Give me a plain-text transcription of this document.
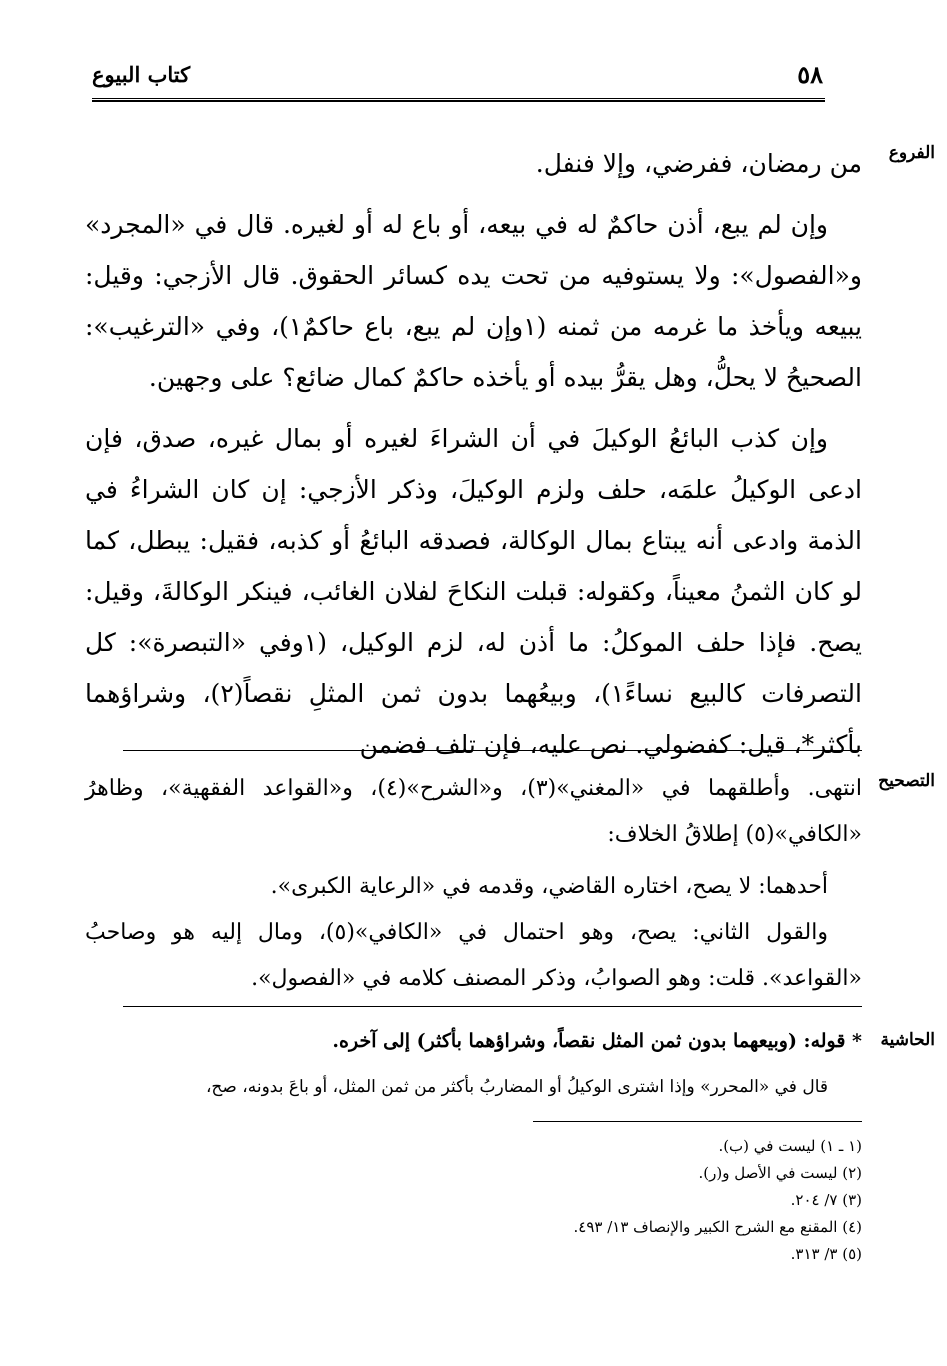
٥٨
كتاب البيوع
الفروع

من رمضان، ففرضي، وإلا فنفل.

وإن لم يبع، أذن حاكمٌ له في بيعه، أو باع له أو لغيره. قال في «المجرد» و«الفصول»: ولا يستوفيه من تحت يده كسائر الحقوق. قال الأزجي: وقيل: يبيعه ويأخذ ما غرمه من ثمنه (١وإن لم يبع، باع حاكمٌ١)، وفي «الترغيب»: الصحيحُ لا يحلُّ، وهل يقرُّ بيده أو يأخذه حاكمٌ كمال ضائع؟ على وجهين.

وإن كذب البائعُ الوكيلَ في أن الشراءَ لغيره أو بمال غيره، صدق، فإن ادعى الوكيلُ علمَه، حلف ولزم الوكيلَ، وذكر الأزجي: إن كان الشراءُ في الذمة وادعى أنه يبتاع بمال الوكالة، فصدقه البائعُ أو كذبه، فقيل: يبطل، كما لو كان الثمنُ معيناً، وكقوله: قبلت النكاحَ لفلان الغائب، فينكر الوكالةَ، وقيل: يصح. فإذا حلف الموكلُ: ما أذن له، لزم الوكيل، (١وفي «التبصرة»: كل التصرفات كالبيع نساءً١)، وبيعُهما بدون ثمن المثلِ نقصاً(٢)، وشراؤهما بأكثر*، قيل: كفضولي. نص عليه، فإن تلف فضمن

التصحيح

انتهى. وأطلقهما في «المغني»(٣)، و«الشرح»(٤)، و«القواعد الفقهية»، وظاهرُ «الكافي»(٥) إطلاقُ الخلاف:

أحدهما: لا يصح، اختاره القاضي، وقدمه في «الرعاية الكبرى».

والقول الثاني: يصح، وهو احتمال في «الكافي»(٥)، ومال إليه هو وصاحبُ «القواعد». قلت: وهو الصوابُ، وذكر المصنف كلامه في «الفصول».

الحاشية

* قوله: (وبيعهما بدون ثمن المثل نقصاً، وشراؤهما بأكثر) إلى آخره.

قال في «المحرر» وإذا اشترى الوكيلُ أو المضاربُ بأكثر من ثمن المثل، أو باعَ بدونه، صح،

(١ ـ ١) ليست في (ب).
(٢) ليست في الأصل و(ر).
(٣) ٧/ ٢٠٤.
(٤) المقنع مع الشرح الكبير والإنصاف ١٣/ ٤٩٣.
(٥) ٣/ ٣١٣.
